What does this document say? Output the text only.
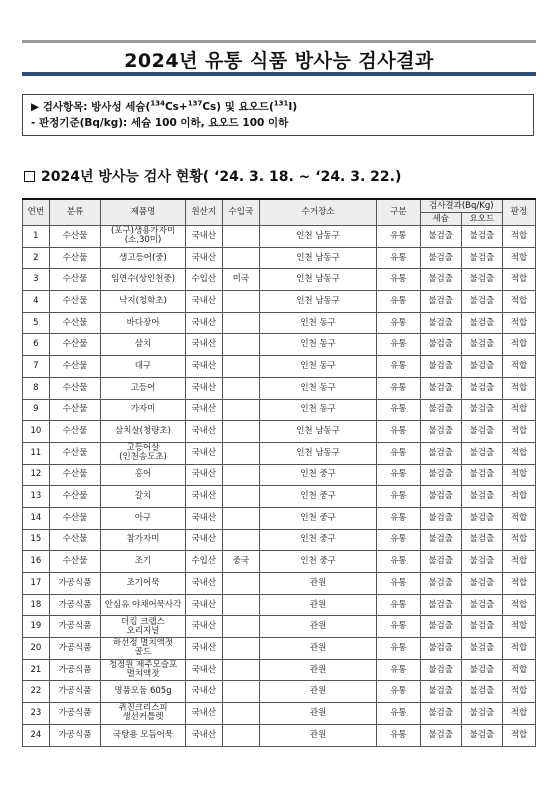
2024년 유통 식품 방사능 검사결과
▶ 검사항목: 방사성 세슘($^{134}$Cs+$^{137}$Cs) 및 요오드($^{131}$I)
- 판정기준(Bq/kg): 세슘 100 이하, 요오드 100 이하
2024년 방사능 검사 현황( ‘24. 3. 18. ~ ‘24. 3. 22.)
연번	분류	제품명	원산지	수입국	수거장소	구분	검사결과(Bq/Kg)		판정
							세슘	요오드	
1	수산물	(포구)생용가자미
(소,30미)	국내산		인천 남동구	유통	불검출	불검출	적합
2	수산물	생고등어(중)	국내산		인천 남동구	유통	불검출	불검출	적합
3	수산물	임연수(상인천중)	수입산	미국	인천 남동구	유통	불검출	불검출	적합
4	수산물	낙지(청학초)	국내산		인천 남동구	유통	불검출	불검출	적합
5	수산물	바다장어	국내산		인천 동구	유통	불검출	불검출	적합
6	수산물	삼치	국내산		인천 동구	유통	불검출	불검출	적합
7	수산물	대구	국내산		인천 동구	유통	불검출	불검출	적합
8	수산물	고등어	국내산		인천 동구	유통	불검출	불검출	적합
9	수산물	가자미	국내산		인천 동구	유통	불검출	불검출	적합
10	수산물	삼치살(청량초)	국내산		인천 남동구	유통	불검출	불검출	적합
11	수산물	고등어살
(인천송도초)	국내산		인천 남동구	유통	불검출	불검출	적합
12	수산물	홍어	국내산		인천 중구	유통	불검출	불검출	적합
13	수산물	갈치	국내산		인천 중구	유통	불검출	불검출	적합
14	수산물	아구	국내산		인천 중구	유통	불검출	불검출	적합
15	수산물	참가자미	국내산		인천 중구	유통	불검출	불검출	적합
16	수산물	조기	수입산	중국	인천 중구	유통	불검출	불검출	적합
17	가공식품	조기어묵	국내산		관원	유통	불검출	불검출	적합
18	가공식품	안심유 야채어묵사각	국내산		관원	유통	불검출	불검출	적합
19	가공식품	더킹 크랩스
오리지널	국내산		관원	유통	불검출	불검출	적합
20	가공식품	하선정 멸치액젓
골드	국내산		관원	유통	불검출	불검출	적합
21	가공식품	청정원 제주모슬포
멸치액젓	국내산		관원	유통	불검출	불검출	적합
22	가공식품	명품모둠 605g	국내산		관원	유통	불검출	불검출	적합
23	가공식품	퀴진크리스피
생선커틀렛	국내산		관원	유통	불검출	불검출	적합
24	가공식품	국탕용 모듬어묵	국내산		관원	유통	불검출	불검출	적합
